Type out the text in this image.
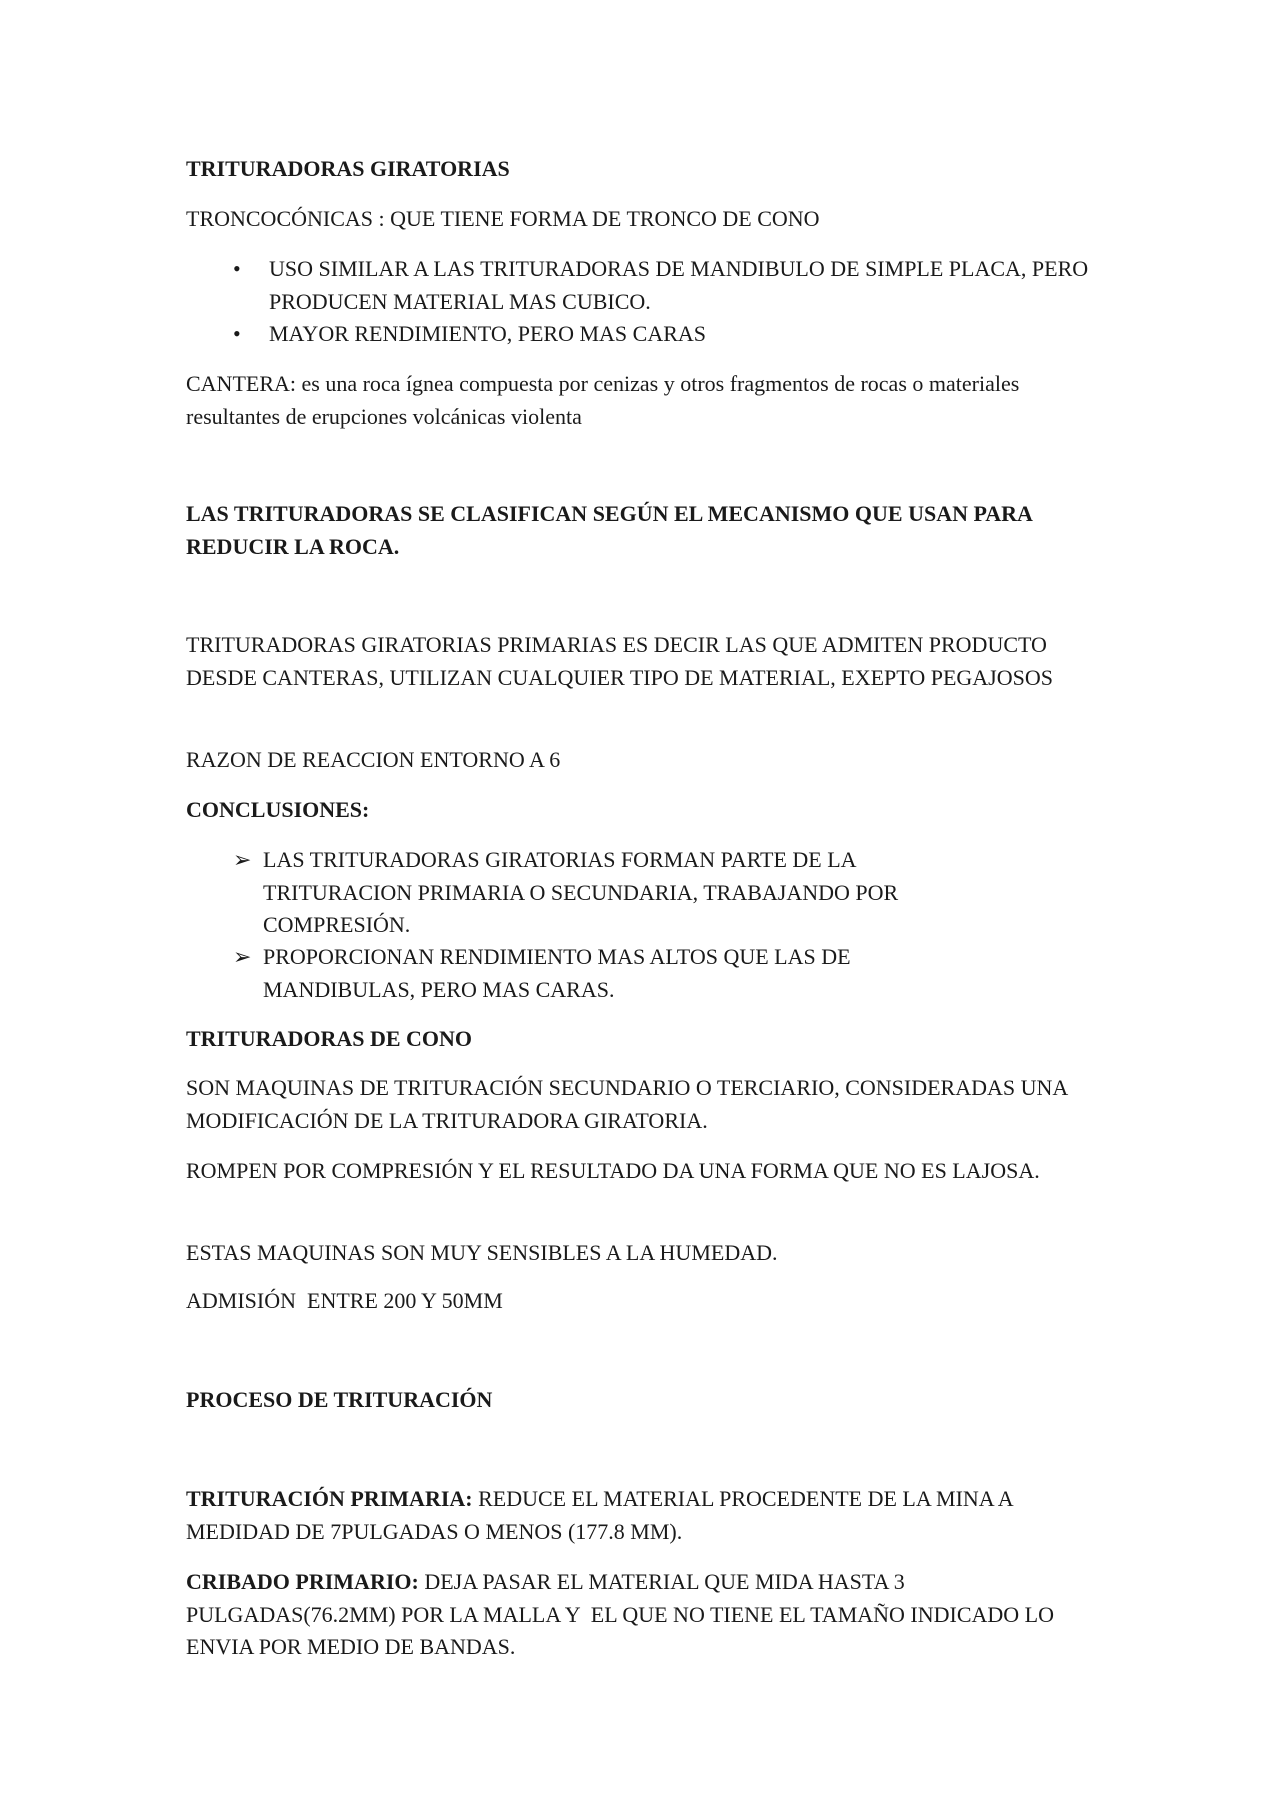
TRITURADORAS GIRATORIAS

TRONCOCÓNICAS : QUE TIENE FORMA DE TRONCO DE CONO

•	USO SIMILAR A LAS TRITURADORAS DE MANDIBULO DE SIMPLE PLACA, PERO PRODUCEN MATERIAL MAS CUBICO.
•	MAYOR RENDIMIENTO, PERO MAS CARAS

CANTERA: es una roca ígnea compuesta por cenizas y otros fragmentos de rocas o materiales resultantes de erupciones volcánicas violenta

LAS TRITURADORAS SE CLASIFICAN SEGÚN EL MECANISMO QUE USAN PARA REDUCIR LA ROCA.

TRITURADORAS GIRATORIAS PRIMARIAS ES DECIR LAS QUE ADMITEN PRODUCTO DESDE CANTERAS, UTILIZAN CUALQUIER TIPO DE MATERIAL, EXEPTO PEGAJOSOS

RAZON DE REACCION ENTORNO A 6

CONCLUSIONES:

➢ LAS TRITURADORAS GIRATORIAS FORMAN PARTE DE LA TRITURACION PRIMARIA O SECUNDARIA, TRABAJANDO POR COMPRESIÓN.
➢ PROPORCIONAN RENDIMIENTO MAS ALTOS QUE LAS DE MANDIBULAS, PERO MAS CARAS.

TRITURADORAS DE CONO

SON MAQUINAS DE TRITURACIÓN SECUNDARIO O TERCIARIO, CONSIDERADAS UNA MODIFICACIÓN DE LA TRITURADORA GIRATORIA.

ROMPEN POR COMPRESIÓN Y EL RESULTADO DA UNA FORMA QUE NO ES LAJOSA.

ESTAS MAQUINAS SON MUY SENSIBLES A LA HUMEDAD.

ADMISIÓN  ENTRE 200 Y 50MM

PROCESO DE TRITURACIÓN

TRITURACIÓN PRIMARIA: REDUCE EL MATERIAL PROCEDENTE DE LA MINA A MEDIDAD DE 7PULGADAS O MENOS (177.8 MM).

CRIBADO PRIMARIO: DEJA PASAR EL MATERIAL QUE MIDA HASTA 3 PULGADAS(76.2MM) POR LA MALLA Y  EL QUE NO TIENE EL TAMAÑO INDICADO LO ENVIA POR MEDIO DE BANDAS.
